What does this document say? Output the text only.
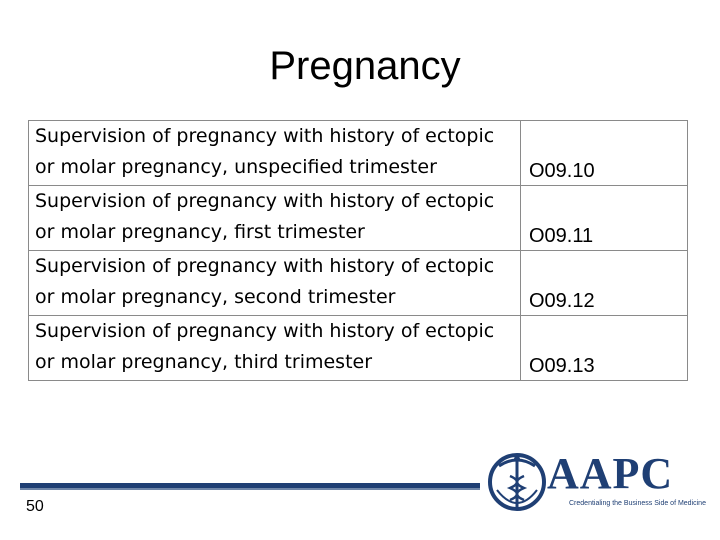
Pregnancy
Supervision of pregnancy with history of ectopic
or molar pregnancy, unspecified trimester	O09.10

Supervision of pregnancy with history of ectopic
or molar pregnancy, first trimester	O09.11

Supervision of pregnancy with history of ectopic
or molar pregnancy, second trimester	O09.12

Supervision of pregnancy with history of ectopic
or molar pregnancy, third trimester	O09.13
50
AAPC
Credentialing the Business Side of Medicine
